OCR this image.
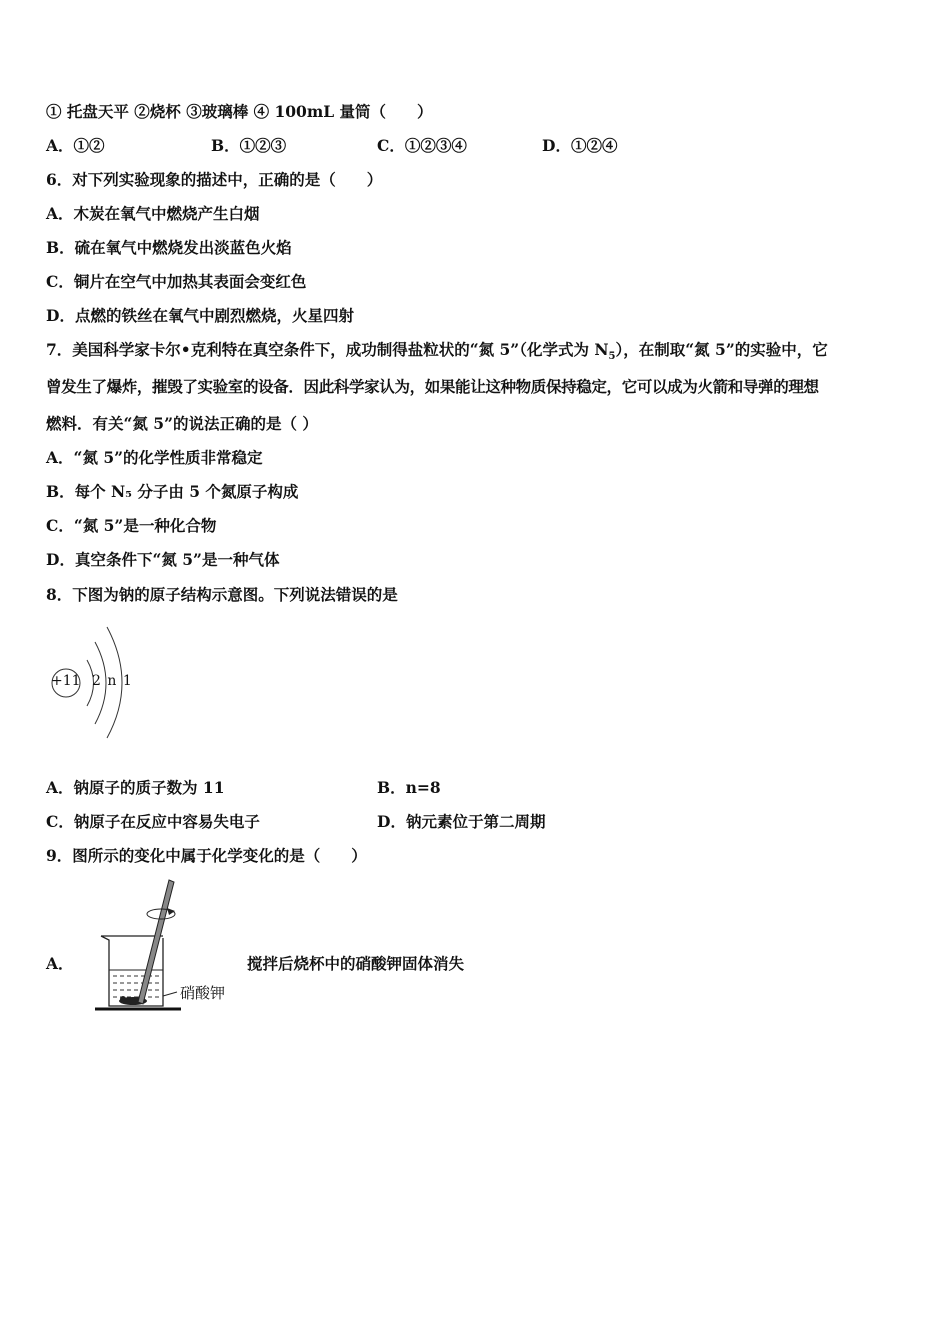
① 托盘天平 ②烧杯 ③玻璃棒 ④ 100mL 量筒（　　）
A．①②	B．①②③	C．①②③④	D．①②④
6．对下列实验现象的描述中，正确的是（　　）
A．木炭在氧气中燃烧产生白烟
B．硫在氧气中燃烧发出淡蓝色火焰
C．铜片在空气中加热其表面会变红色
D．点燃的铁丝在氧气中剧烈燃烧，火星四射
7．美国科学家卡尔•克利特在真空条件下，成功制得盐粒状的“氮 5”（化学式为 $N_5$），在制取“氮 5”的实验中，它
曾发生了爆炸，摧毁了实验室的设备．因此科学家认为，如果能让这种物质保持稳定，它可以成为火箭和导弹的理想
燃料．有关“氮 5”的说法正确的是（ ）
A．“氮 5”的化学性质非常稳定
B．每个 N₅ 分子由 5 个氮原子构成
C．“氮 5”是一种化合物
D．真空条件下“氮 5”是一种气体
8．下图为钠的原子结构示意图。下列说法错误的是
+11 2 n 1
A．钠原子的质子数为 11	B．n=8
C．钠原子在反应中容易失电子	D．钠元素位于第二周期
9．图所示的变化中属于化学变化的是（　　）
A．
硝酸钾
搅拌后烧杯中的硝酸钾固体消失
